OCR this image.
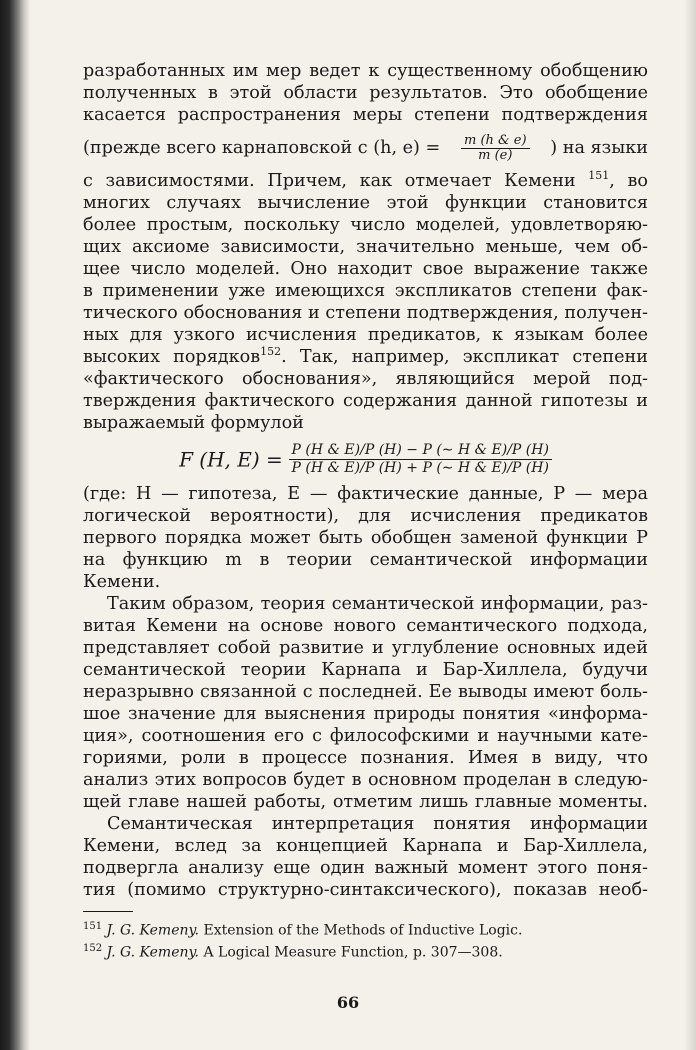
разработанных им мер ведет к существенному обобщению
полученных в этой области результатов. Это обобщение
касается распространения меры степени подтверждения
(прежде всего карнаповской c (h, $e) = \frac{m (h \& e)}{m (e)}$ ) на языки
с зависимостями. Причем, как отмечает Кемени $^{151}$, во
многих случаях вычисление этой функции становится
более простым, поскольку число моделей, удовлетворяю-
щих аксиоме зависимости, значительно меньше, чем об-
щее число моделей. Оно находит свое выражение также
в применении уже имеющихся экспликатов степени фак-
тического обоснования и степени подтверждения, получен-
ных для узкого исчисления предикатов, к языкам более
высоких порядков$^{152}$. Так, например, экспликат степени
«фактического обоснования», являющийся мерой под-
тверждения фактического содержания данной гипотезы и
выражаемый формулой
F (H, $E) = \frac{P (H \& E)/P (H) - P (\sim H \& E)/P (H)}{P (H \& E)/P (H) + P (\sim H \& E)/P (H)}$
(где: H — гипотеза, E — фактические данные, P — мера
логической вероятности), для исчисления предикатов
первого порядка может быть обобщен заменой функции P
на функцию m в теории семантической информации
Кемени.
Таким образом, теория семантической информации, раз-
витая Кемени на основе нового семантического подхода,
представляет собой развитие и углубление основных идей
семантической теории Карнапа и Бар-Хиллела, будучи
неразрывно связанной с последней. Ее выводы имеют боль-
шое значение для выяснения природы понятия «информа-
ция», соотношения его с философскими и научными кате-
гориями, роли в процессе познания. Имея в виду, что
анализ этих вопросов будет в основном проделан в следую-
щей главе нашей работы, отметим лишь главные моменты.
Семантическая интерпретация понятия информации
Кемени, вслед за концепцией Карнапа и Бар-Хиллела,
подвергла анализу еще один важный момент этого поня-
тия (помимо структурно-синтаксического), показав необ-
$^{151}$ J. G. Kemeny. Extension of the Methods of Inductive Logic.
$^{152}$ J. G. Kemeny. A Logical Measure Function, p. 307—308.
66
